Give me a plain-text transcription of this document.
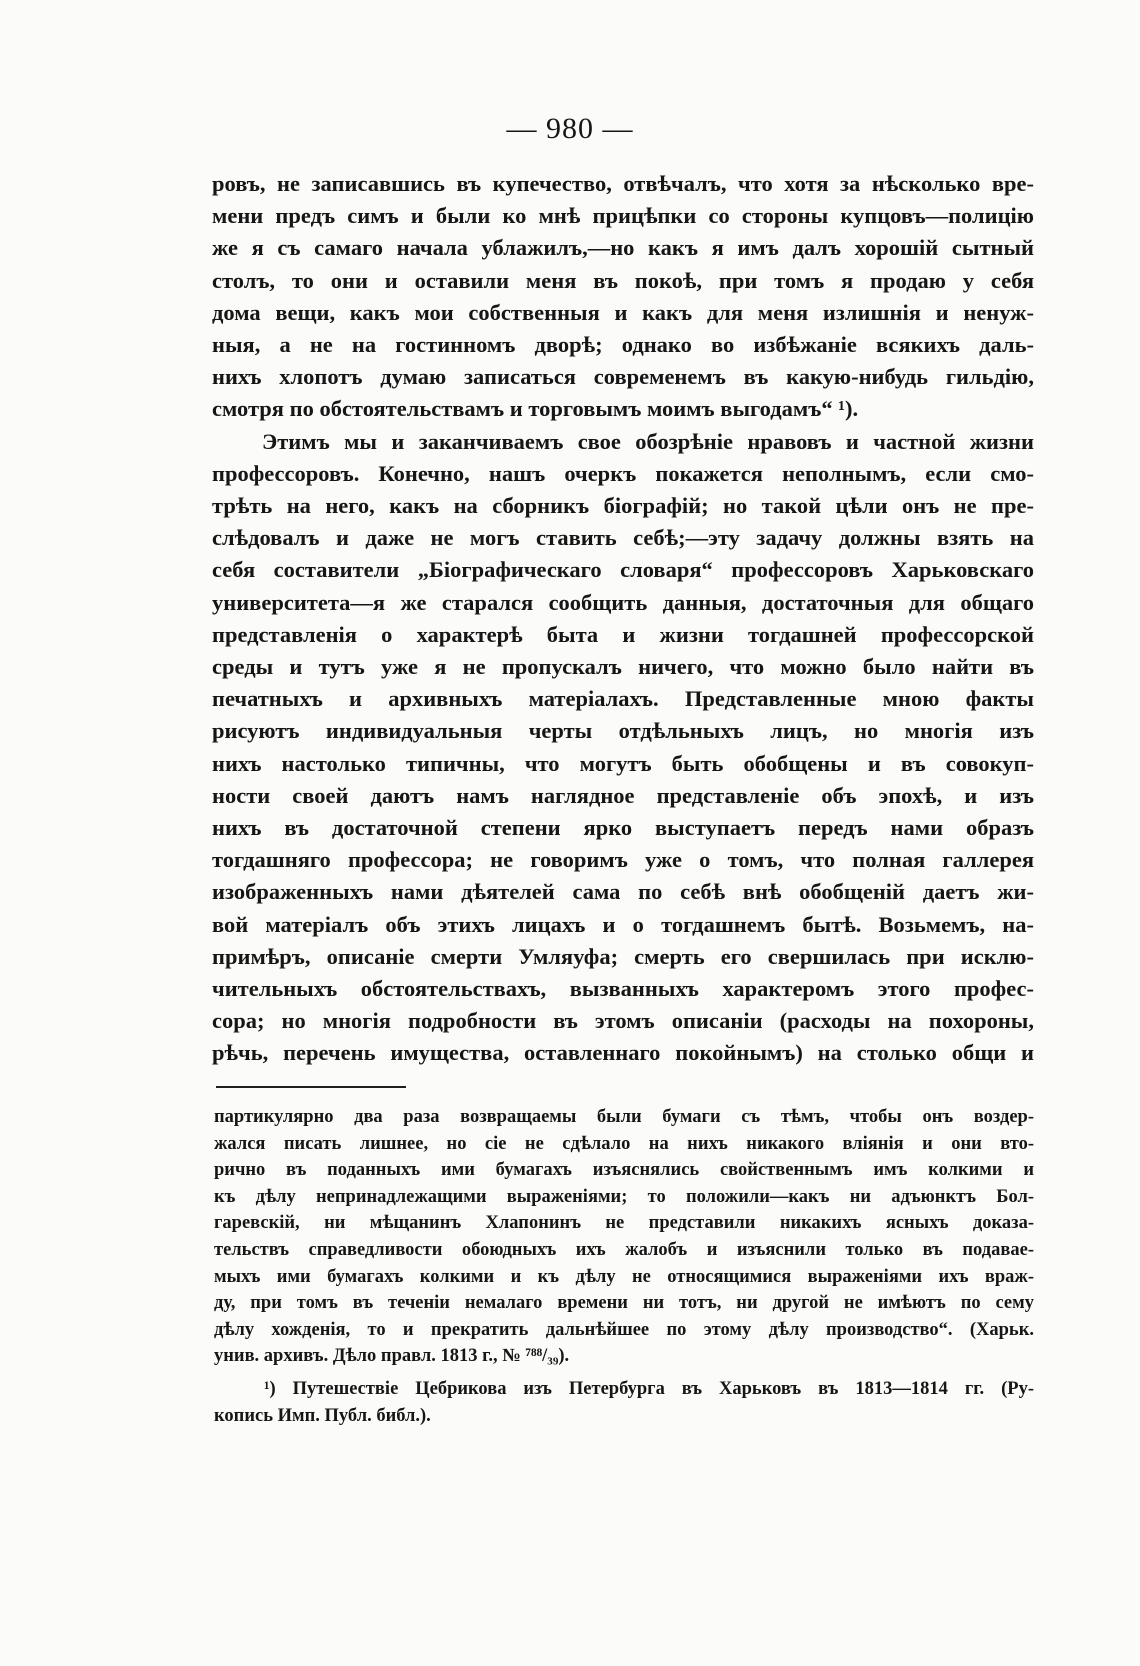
— 980 —
ровъ, не записавшись въ купечество, отвѣчалъ, что хотя за нѣсколько вре-
мени предъ симъ и были ко мнѣ прицѣпки со стороны купцовъ—полицію
же я съ самаго начала ублажилъ,—но какъ я имъ далъ хорошій сытный
столъ, то они и оставили меня въ покоѣ, при томъ я продаю у себя
дома вещи, какъ мои собственныя и какъ для меня излишнія и ненуж-
ныя, а не на гостинномъ дворѣ; однако во избѣжаніе всякихъ даль-
нихъ хлопотъ думаю записаться современемъ въ какую-нибудь гильдію,
смотря по обстоятельствамъ и торговымъ моимъ выгодамъ“ ¹).
Этимъ мы и заканчиваемъ свое обозрѣніе нравовъ и частной жизни
профессоровъ. Конечно, нашъ очеркъ покажется неполнымъ, если смо-
трѣть на него, какъ на сборникъ біографій; но такой цѣли онъ не пре-
слѣдовалъ и даже не могъ ставить себѣ;—эту задачу должны взять на
себя составители „Біографическаго словаря“ профессоровъ Харьковскаго
университета—я же старался сообщить данныя, достаточныя для общаго
представленія о характерѣ быта и жизни тогдашней профессорской
среды и тутъ уже я не пропускалъ ничего, что можно было найти въ
печатныхъ и архивныхъ матеріалахъ. Представленные мною факты
рисуютъ индивидуальныя черты отдѣльныхъ лицъ, но многія изъ
нихъ настолько типичны, что могутъ быть обобщены и въ совокуп-
ности своей даютъ намъ наглядное представленіе объ эпохѣ, и изъ
нихъ въ достаточной степени ярко выступаетъ передъ нами образъ
тогдашняго профессора; не говоримъ уже о томъ, что полная галлерея
изображенныхъ нами дѣятелей сама по себѣ внѣ обобщеній даетъ жи-
вой матеріалъ объ этихъ лицахъ и о тогдашнемъ бытѣ. Возьмемъ, на-
примѣръ, описаніе смерти Умляуфа; смерть его свершилась при исклю-
чительныхъ обстоятельствахъ, вызванныхъ характеромъ этого профес-
сора; но многія подробности въ этомъ описаніи (расходы на похороны,
рѣчь, перечень имущества, оставленнаго покойнымъ) на столько общи и
партикулярно два раза возвращаемы были бумаги съ тѣмъ, чтобы онъ воздер-
жался писать лишнее, но сіе не сдѣлало на нихъ никакого вліянія и они вто-
рично въ поданныхъ ими бумагахъ изъяснялись свойственнымъ имъ колкими и
къ дѣлу непринадлежащими выраженіями; то положили—какъ ни адъюнктъ Бол-
гаревскій, ни мѣщанинъ Хлапонинъ не представили никакихъ ясныхъ доказа-
тельствъ справедливости обоюдныхъ ихъ жалобъ и изъяснили только въ подавае-
мыхъ ими бумагахъ колкими и къ дѣлу не относящимися выраженіями ихъ враж-
ду, при томъ въ теченіи немалаго времени ни тотъ, ни другой не имѣютъ по сему
дѣлу хожденія, то и прекратить дальнѣйшее по этому дѣлу производство“. (Харьк.
унив. архивъ. Дѣло правл. 1813 г., № ⁷⁸⁸/₃₉).
¹) Путешествіе Цебрикова изъ Петербурга въ Харьковъ въ 1813—1814 гг. (Ру-
копись Имп. Публ. библ.).
